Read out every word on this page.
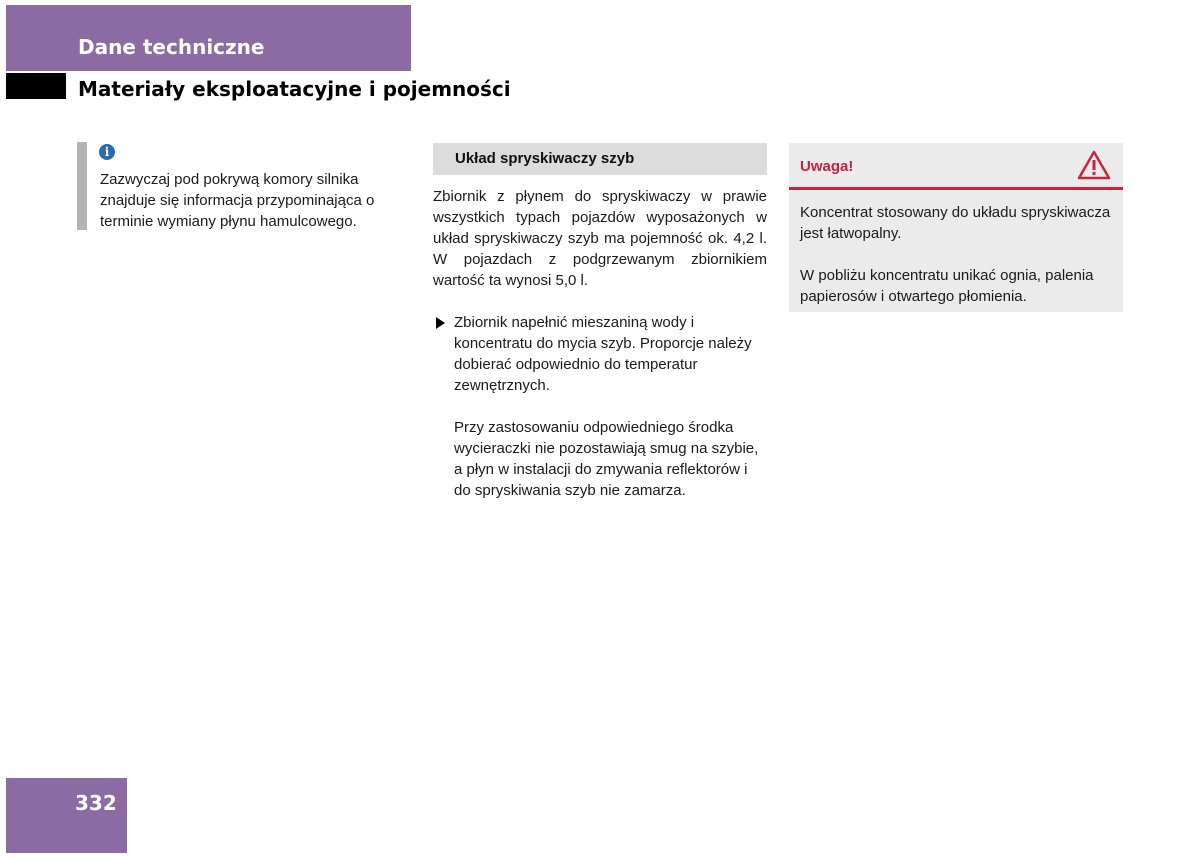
Dane techniczne
Materiały eksploatacyjne i pojemności
i

Zazwyczaj pod pokrywą komory silnika znajduje się informacja przypominająca o terminie wymiany płynu hamulcowego.

Układ spryskiwaczy szyb

Zbiornik z płynem do spryskiwaczy w prawie wszystkich typach pojazdów wyposażonych w układ spryskiwaczy szyb ma pojemność ok. 4,2 l. W pojazdach z podgrzewanym zbiornikiem wartość ta wynosi 5,0 l.

Zbiornik napełnić mieszaniną wody i koncentratu do mycia szyb. Proporcje należy dobierać odpowiednio do temperatur zewnętrznych.

Przy zastosowaniu odpowiedniego środka wycieraczki nie pozostawiają smug na szybie, a płyn w instalacji do zmywania reflektorów i do spryskiwania szyb nie zamarza.

Uwaga!

Koncentrat stosowany do układu spryskiwacza jest łatwopalny.

W pobliżu koncentratu unikać ognia, palenia papierosów i otwartego płomienia.

332
